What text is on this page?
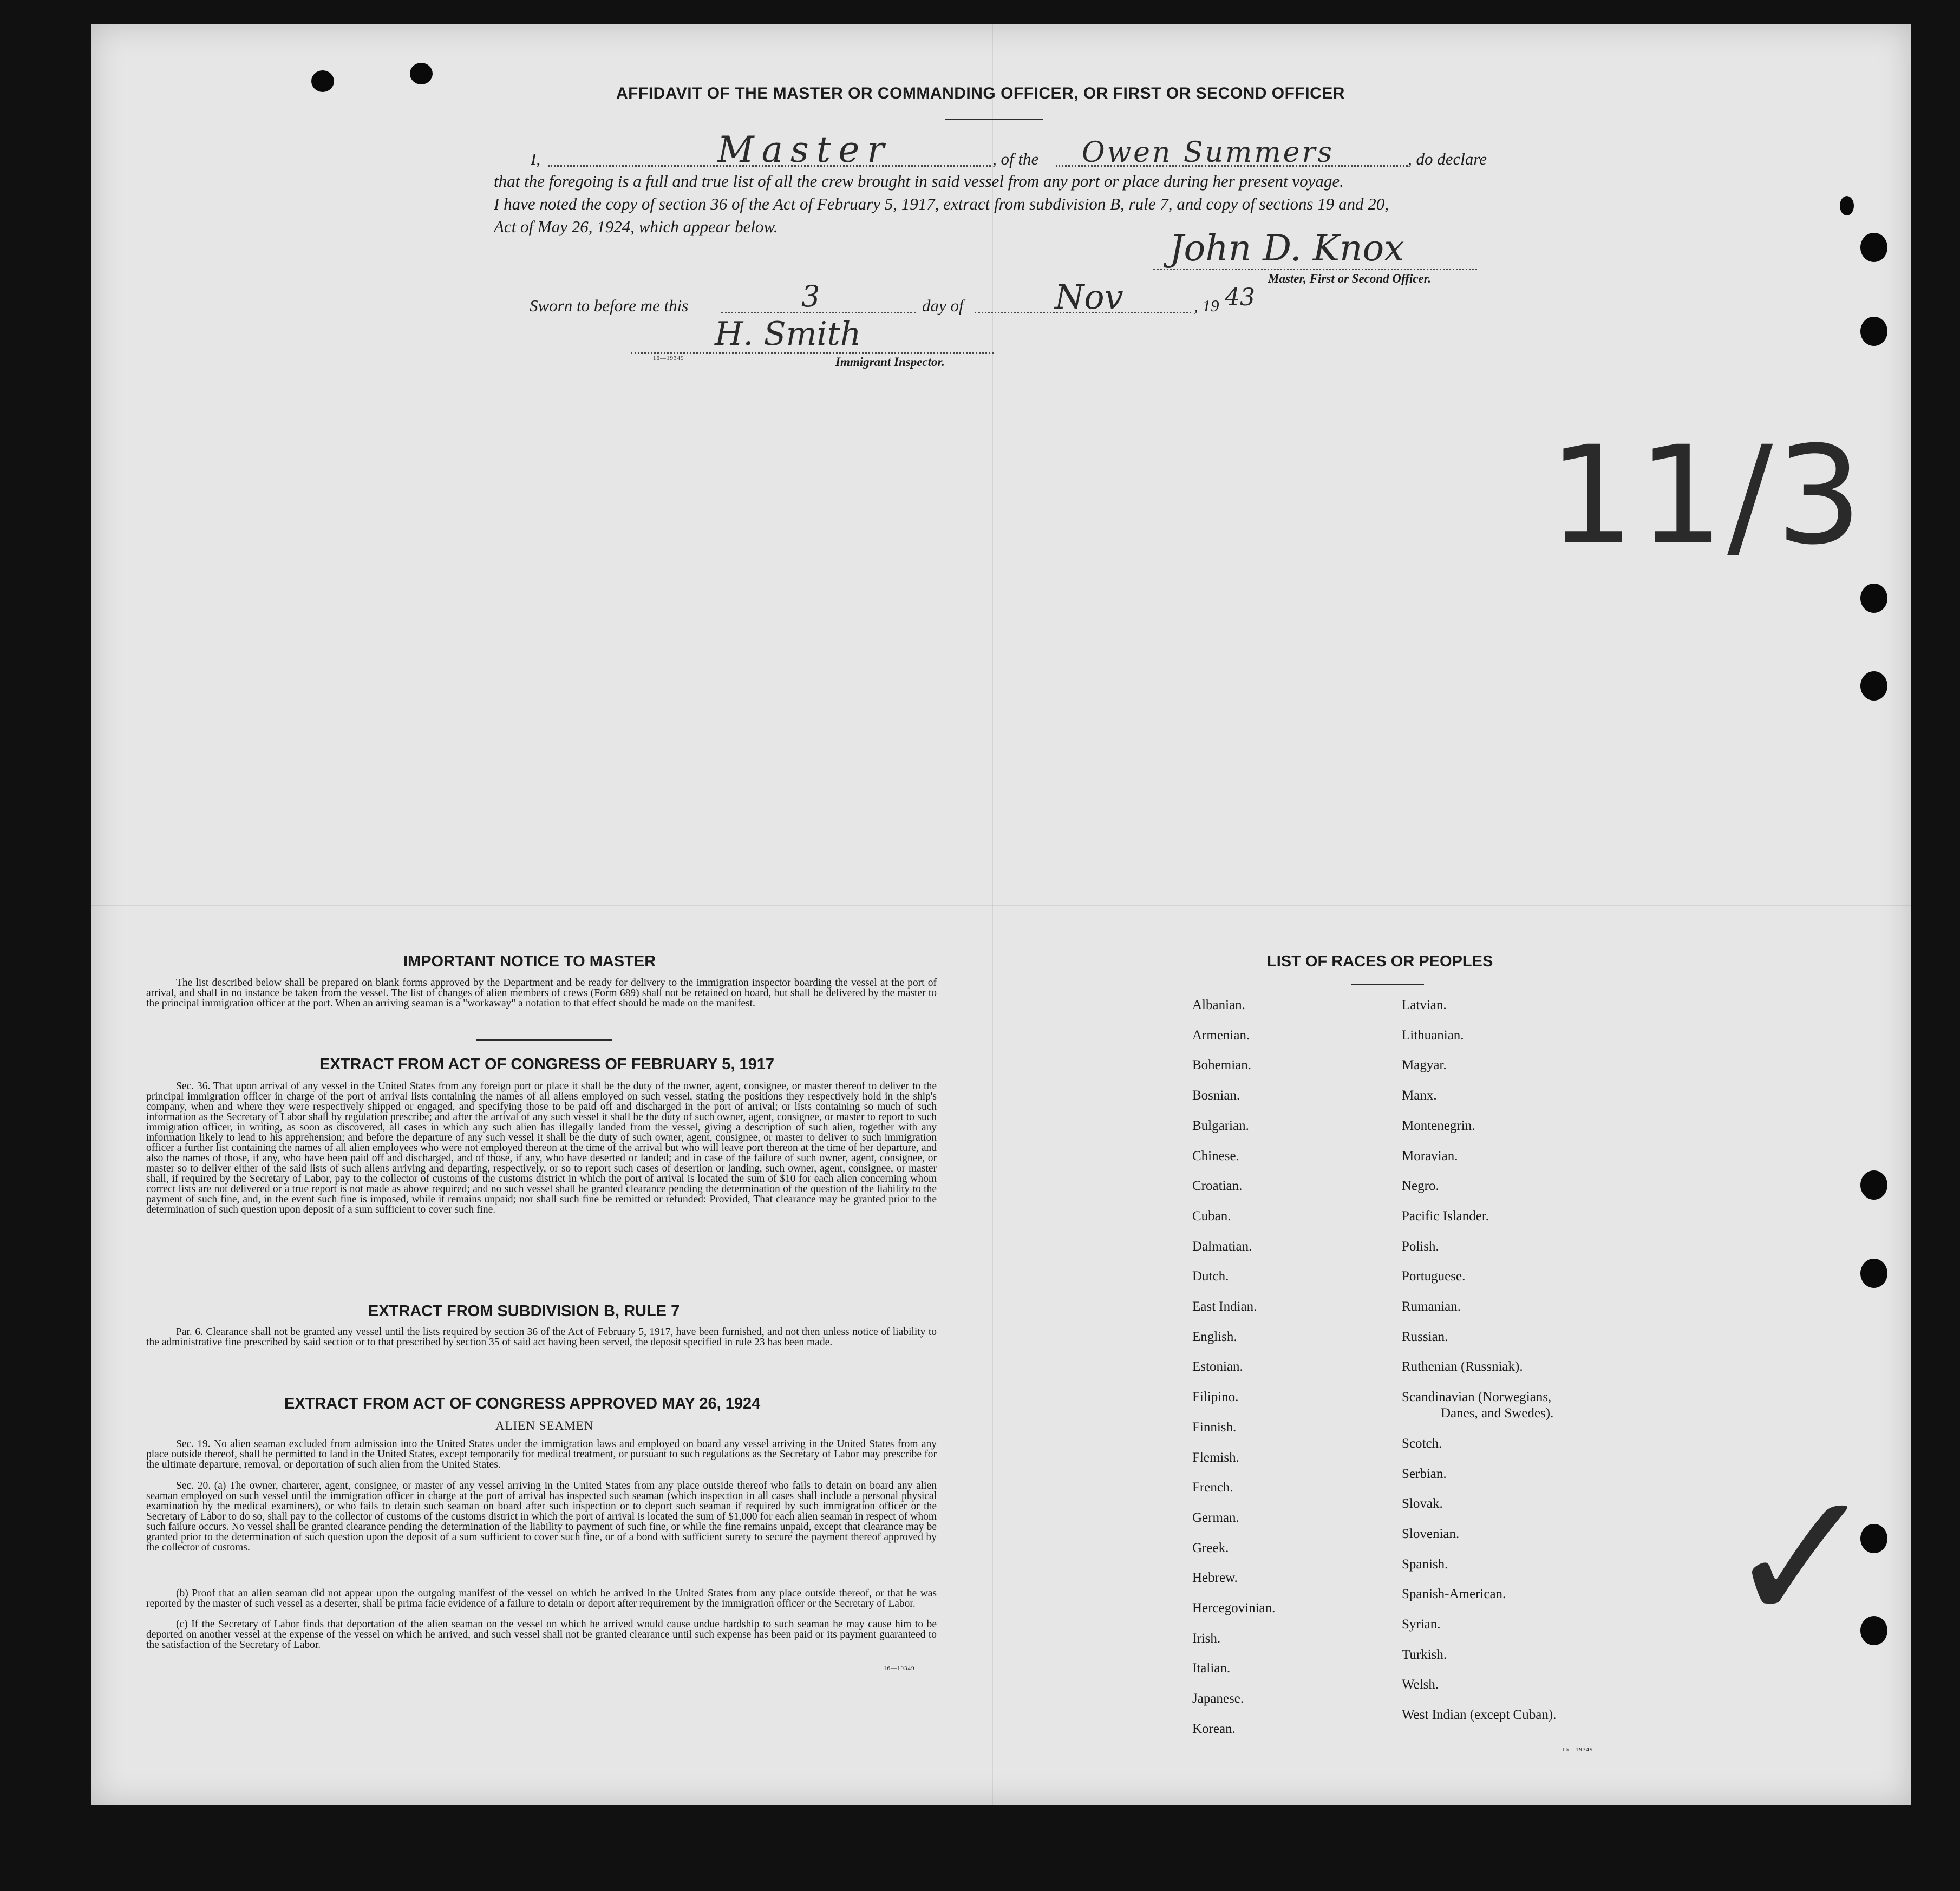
AFFIDAVIT OF THE MASTER OR COMMANDING OFFICER, OR FIRST OR SECOND OFFICER
I,	Master	, of the Owen Summers	, do declare
that the foregoing is a full and true list of all the crew brought in said vessel from any port or place during her present voyage.
I have noted the copy of section 36 of the Act of February 5, 1917, extract from subdivision B, rule 7, and copy of sections 19 and 20,
Act of May 26, 1924, which appear below.
John D. Knox
Master, First or Second Officer.
Sworn to before me this	3	day of	Nov	, 19 43
H. Smith
16—19349	Immigrant Inspector.
11/3
✓
IMPORTANT NOTICE TO MASTER
The list described below shall be prepared on blank forms approved by the Department and be ready for delivery to the immigration inspector boarding the vessel at the port of arrival, and shall in no instance be taken from the vessel. The list of changes of alien members of crews (Form 689) shall not be retained on board, but shall be delivered by the master to the principal immigration officer at the port. When an arriving seaman is a "workaway" a notation to that effect should be made on the manifest.
EXTRACT FROM ACT OF CONGRESS OF FEBRUARY 5, 1917
Sec. 36. That upon arrival of any vessel in the United States from any foreign port or place it shall be the duty of the owner, agent, consignee, or master thereof to deliver to the principal immigration officer in charge of the port of arrival lists containing the names of all aliens employed on such vessel, stating the positions they respectively hold in the ship's company, when and where they were respectively shipped or engaged, and specifying those to be paid off and discharged in the port of arrival; or lists containing so much of such information as the Secretary of Labor shall by regulation prescribe; and after the arrival of any such vessel it shall be the duty of such owner, agent, consignee, or master to report to such immigration officer, in writing, as soon as discovered, all cases in which any such alien has illegally landed from the vessel, giving a description of such alien, together with any information likely to lead to his apprehension; and before the departure of any such vessel it shall be the duty of such owner, agent, consignee, or master to deliver to such immigration officer a further list containing the names of all alien employees who were not employed thereon at the time of the arrival but who will leave port thereon at the time of her departure, and also the names of those, if any, who have been paid off and discharged, and of those, if any, who have deserted or landed; and in case of the failure of such owner, agent, consignee, or master so to deliver either of the said lists of such aliens arriving and departing, respectively, or so to report such cases of desertion or landing, such owner, agent, consignee, or master shall, if required by the Secretary of Labor, pay to the collector of customs of the customs district in which the port of arrival is located the sum of $10 for each alien concerning whom correct lists are not delivered or a true report is not made as above required; and no such vessel shall be granted clearance pending the determination of the question of the liability to the payment of such fine, and, in the event such fine is imposed, while it remains unpaid; nor shall such fine be remitted or refunded: Provided, That clearance may be granted prior to the determination of such question upon deposit of a sum sufficient to cover such fine.
EXTRACT FROM SUBDIVISION B, RULE 7
Par. 6. Clearance shall not be granted any vessel until the lists required by section 36 of the Act of February 5, 1917, have been furnished, and not then unless notice of liability to the administrative fine prescribed by said section or to that prescribed by section 35 of said act having been served, the deposit specified in rule 23 has been made.
EXTRACT FROM ACT OF CONGRESS APPROVED MAY 26, 1924
ALIEN SEAMEN
Sec. 19. No alien seaman excluded from admission into the United States under the immigration laws and employed on board any vessel arriving in the United States from any place outside thereof, shall be permitted to land in the United States, except temporarily for medical treatment, or pursuant to such regulations as the Secretary of Labor may prescribe for the ultimate departure, removal, or deportation of such alien from the United States.
Sec. 20. (a) The owner, charterer, agent, consignee, or master of any vessel arriving in the United States from any place outside thereof who fails to detain on board any alien seaman employed on such vessel until the immigration officer in charge at the port of arrival has inspected such seaman (which inspection in all cases shall include a personal physical examination by the medical examiners), or who fails to detain such seaman on board after such inspection or to deport such seaman if required by such immigration officer or the Secretary of Labor to do so, shall pay to the collector of customs of the customs district in which the port of arrival is located the sum of $1,000 for each alien seaman in respect of whom such failure occurs. No vessel shall be granted clearance pending the determination of the liability to payment of such fine, or while the fine remains unpaid, except that clearance may be granted prior to the determination of such question upon the deposit of a sum sufficient to cover such fine, or of a bond with sufficient surety to secure the payment thereof approved by the collector of customs.
(b) Proof that an alien seaman did not appear upon the outgoing manifest of the vessel on which he arrived in the United States from any place outside thereof, or that he was reported by the master of such vessel as a deserter, shall be prima facie evidence of a failure to detain or deport after requirement by the immigration officer or the Secretary of Labor.
(c) If the Secretary of Labor finds that deportation of the alien seaman on the vessel on which he arrived would cause undue hardship to such seaman he may cause him to be deported on another vessel at the expense of the vessel on which he arrived, and such vessel shall not be granted clearance until such expense has been paid or its payment guaranteed to the satisfaction of the Secretary of Labor.
16—19349
LIST OF RACES OR PEOPLES
Albanian.
Armenian.
Bohemian.
Bosnian.
Bulgarian.
Chinese.
Croatian.
Cuban.
Dalmatian.
Dutch.
East Indian.
English.
Estonian.
Filipino.
Finnish.
Flemish.
French.
German.
Greek.
Hebrew.
Hercegovinian.
Irish.
Italian.
Japanese.
Korean.
Latvian.
Lithuanian.
Magyar.
Manx.
Montenegrin.
Moravian.
Negro.
Pacific Islander.
Polish.
Portuguese.
Rumanian.
Russian.
Ruthenian (Russniak).
Scandinavian (Norwegians,
Danes, and Swedes).
Scotch.
Serbian.
Slovak.
Slovenian.
Spanish.
Spanish-American.
Syrian.
Turkish.
Welsh.
West Indian (except Cuban).
16—19349
